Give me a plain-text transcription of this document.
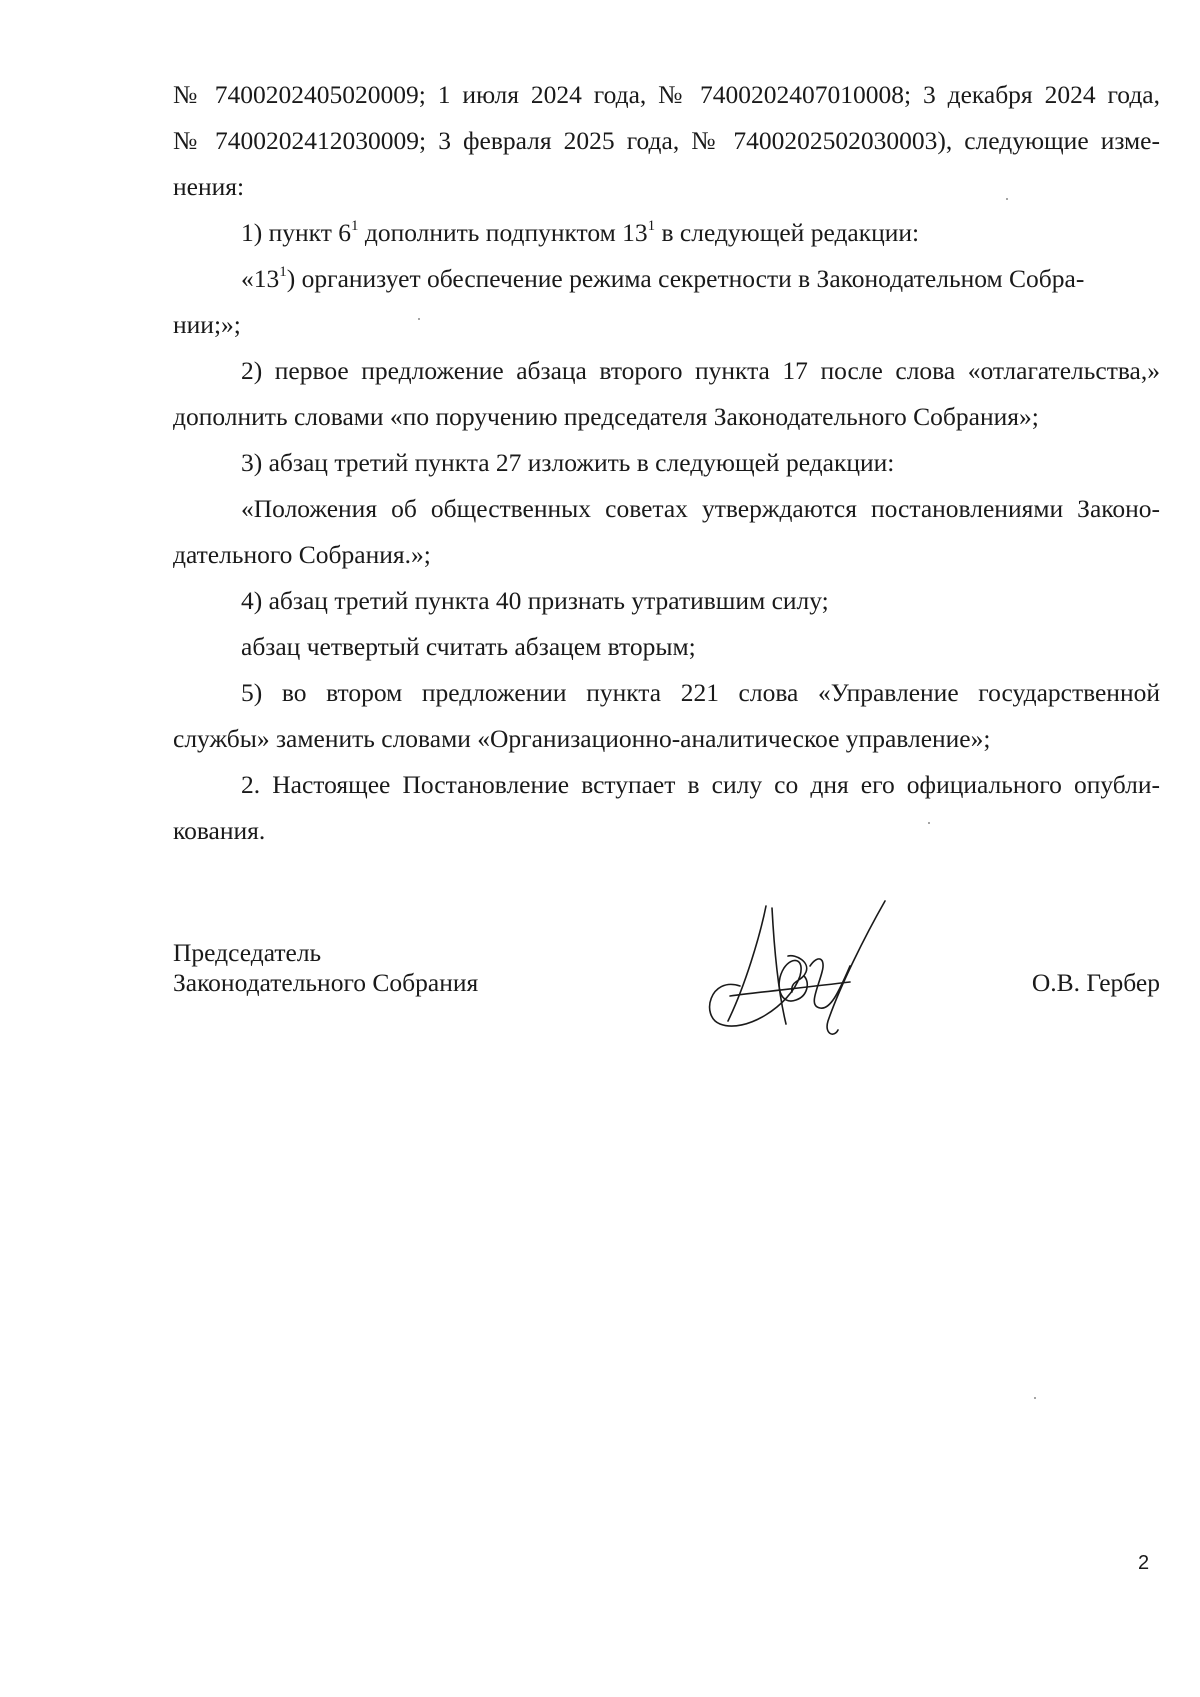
№ 7400202405020009; 1 июля 2024 года, № 7400202407010008; 3 декабря 2024 года,

№ 7400202412030009; 3 февраля 2025 года, № 7400202502030003), следующие изме-

нения:

1) пункт $6^1$ дополнить подпунктом $13^1$ в следующей редакции:

«$13^1$) организует обеспечение режима секретности в Законодательном Собра-

нии;»;

2) первое предложение абзаца второго пункта 17 после слова «отлагательства,»

дополнить словами «по поручению председателя Законодательного Собрания»;

3) абзац третий пункта 27 изложить в следующей редакции:

«Положения об общественных советах утверждаются постановлениями Законо-

дательного Собрания.»;

4) абзац третий пункта 40 признать утратившим силу;

абзац четвертый считать абзацем вторым;

5) во втором предложении пункта 221 слова «Управление государственной

службы» заменить словами «Организационно-аналитическое управление»;

2. Настоящее Постановление вступает в силу со дня его официального опубли-

кования.

Председатель
Законодательного Собрания	О.В. Гербер
2
